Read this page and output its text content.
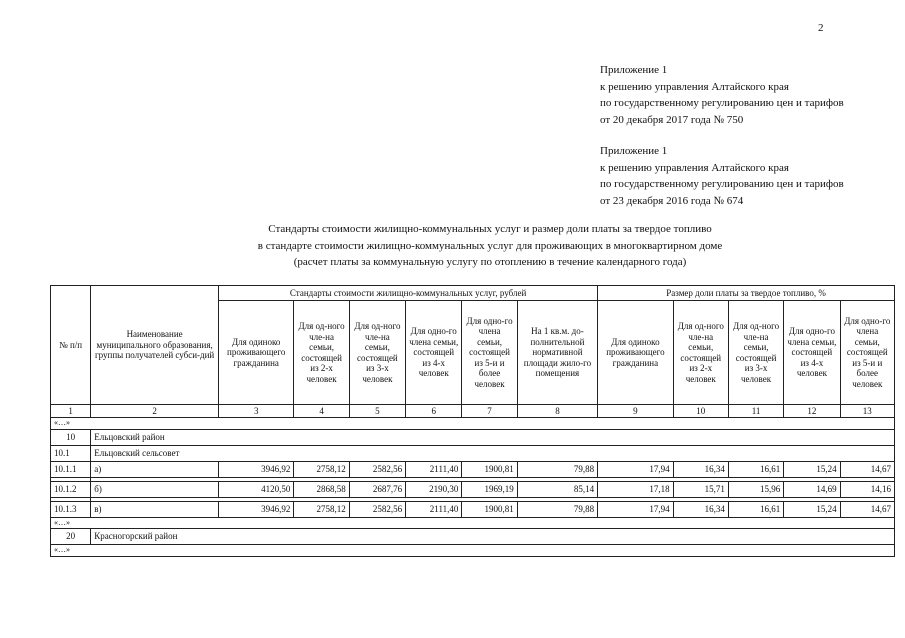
2
Приложение 1
к решению управления Алтайского края
по государственному регулированию цен и тарифов
от 20 декабря 2017 года № 750
Приложение 1
к решению управления Алтайского края
по государственному регулированию цен и тарифов
от 23 декабря 2016 года № 674
Стандарты стоимости жилищно-коммунальных услуг и размер доли платы за твердое топливо
в стандарте стоимости жилищно-коммунальных услуг для проживающих в многоквартирном доме
(расчет платы за коммунальную услугу по отоплению в течение календарного года)
№ п/п	Наименование муниципального образования, группы получателей субси-дий	Стандарты стоимости жилищно-коммунальных услуг, рублей						Размер доли платы за твердое топливо, %				
		Для одиноко проживающего гражданина	Для од-ного чле-на семьи, состоящей из 2-х человек	Для од-ного чле-на семьи, состоящей из 3-х человек	Для одно-го члена семьи, состоящей из 4-х человек	Для одно-го члена семьи, состоящей из 5-и и более человек	На 1 кв.м. до-полнительной нормативной площади жило-го помещения	Для одиноко проживающего гражданина	Для од-ного чле-на семьи, состоящей из 2-х человек	Для од-ного чле-на семьи, состоящей из 3-х человек	Для одно-го члена семьи, состоящей из 4-х человек	Для одно-го члена семьи, состоящей из 5-и и более человек
1	2	3	4	5	6	7	8	9	10	11	12	13
«…»												
10	Ельцовский район											
10.1	Ельцовский сельсовет											
10.1.1	а)	3946,92	2758,12	2582,56	2111,40	1900,81	79,88	17,94	16,34	16,61	15,24	14,67

10.1.2	б)	4120,50	2868,58	2687,76	2190,30	1969,19	85,14	17,18	15,71	15,96	14,69	14,16

10.1.3	в)	3946,92	2758,12	2582,56	2111,40	1900,81	79,88	17,94	16,34	16,61	15,24	14,67
«…»												
20	Красногорский район											
«…»												
